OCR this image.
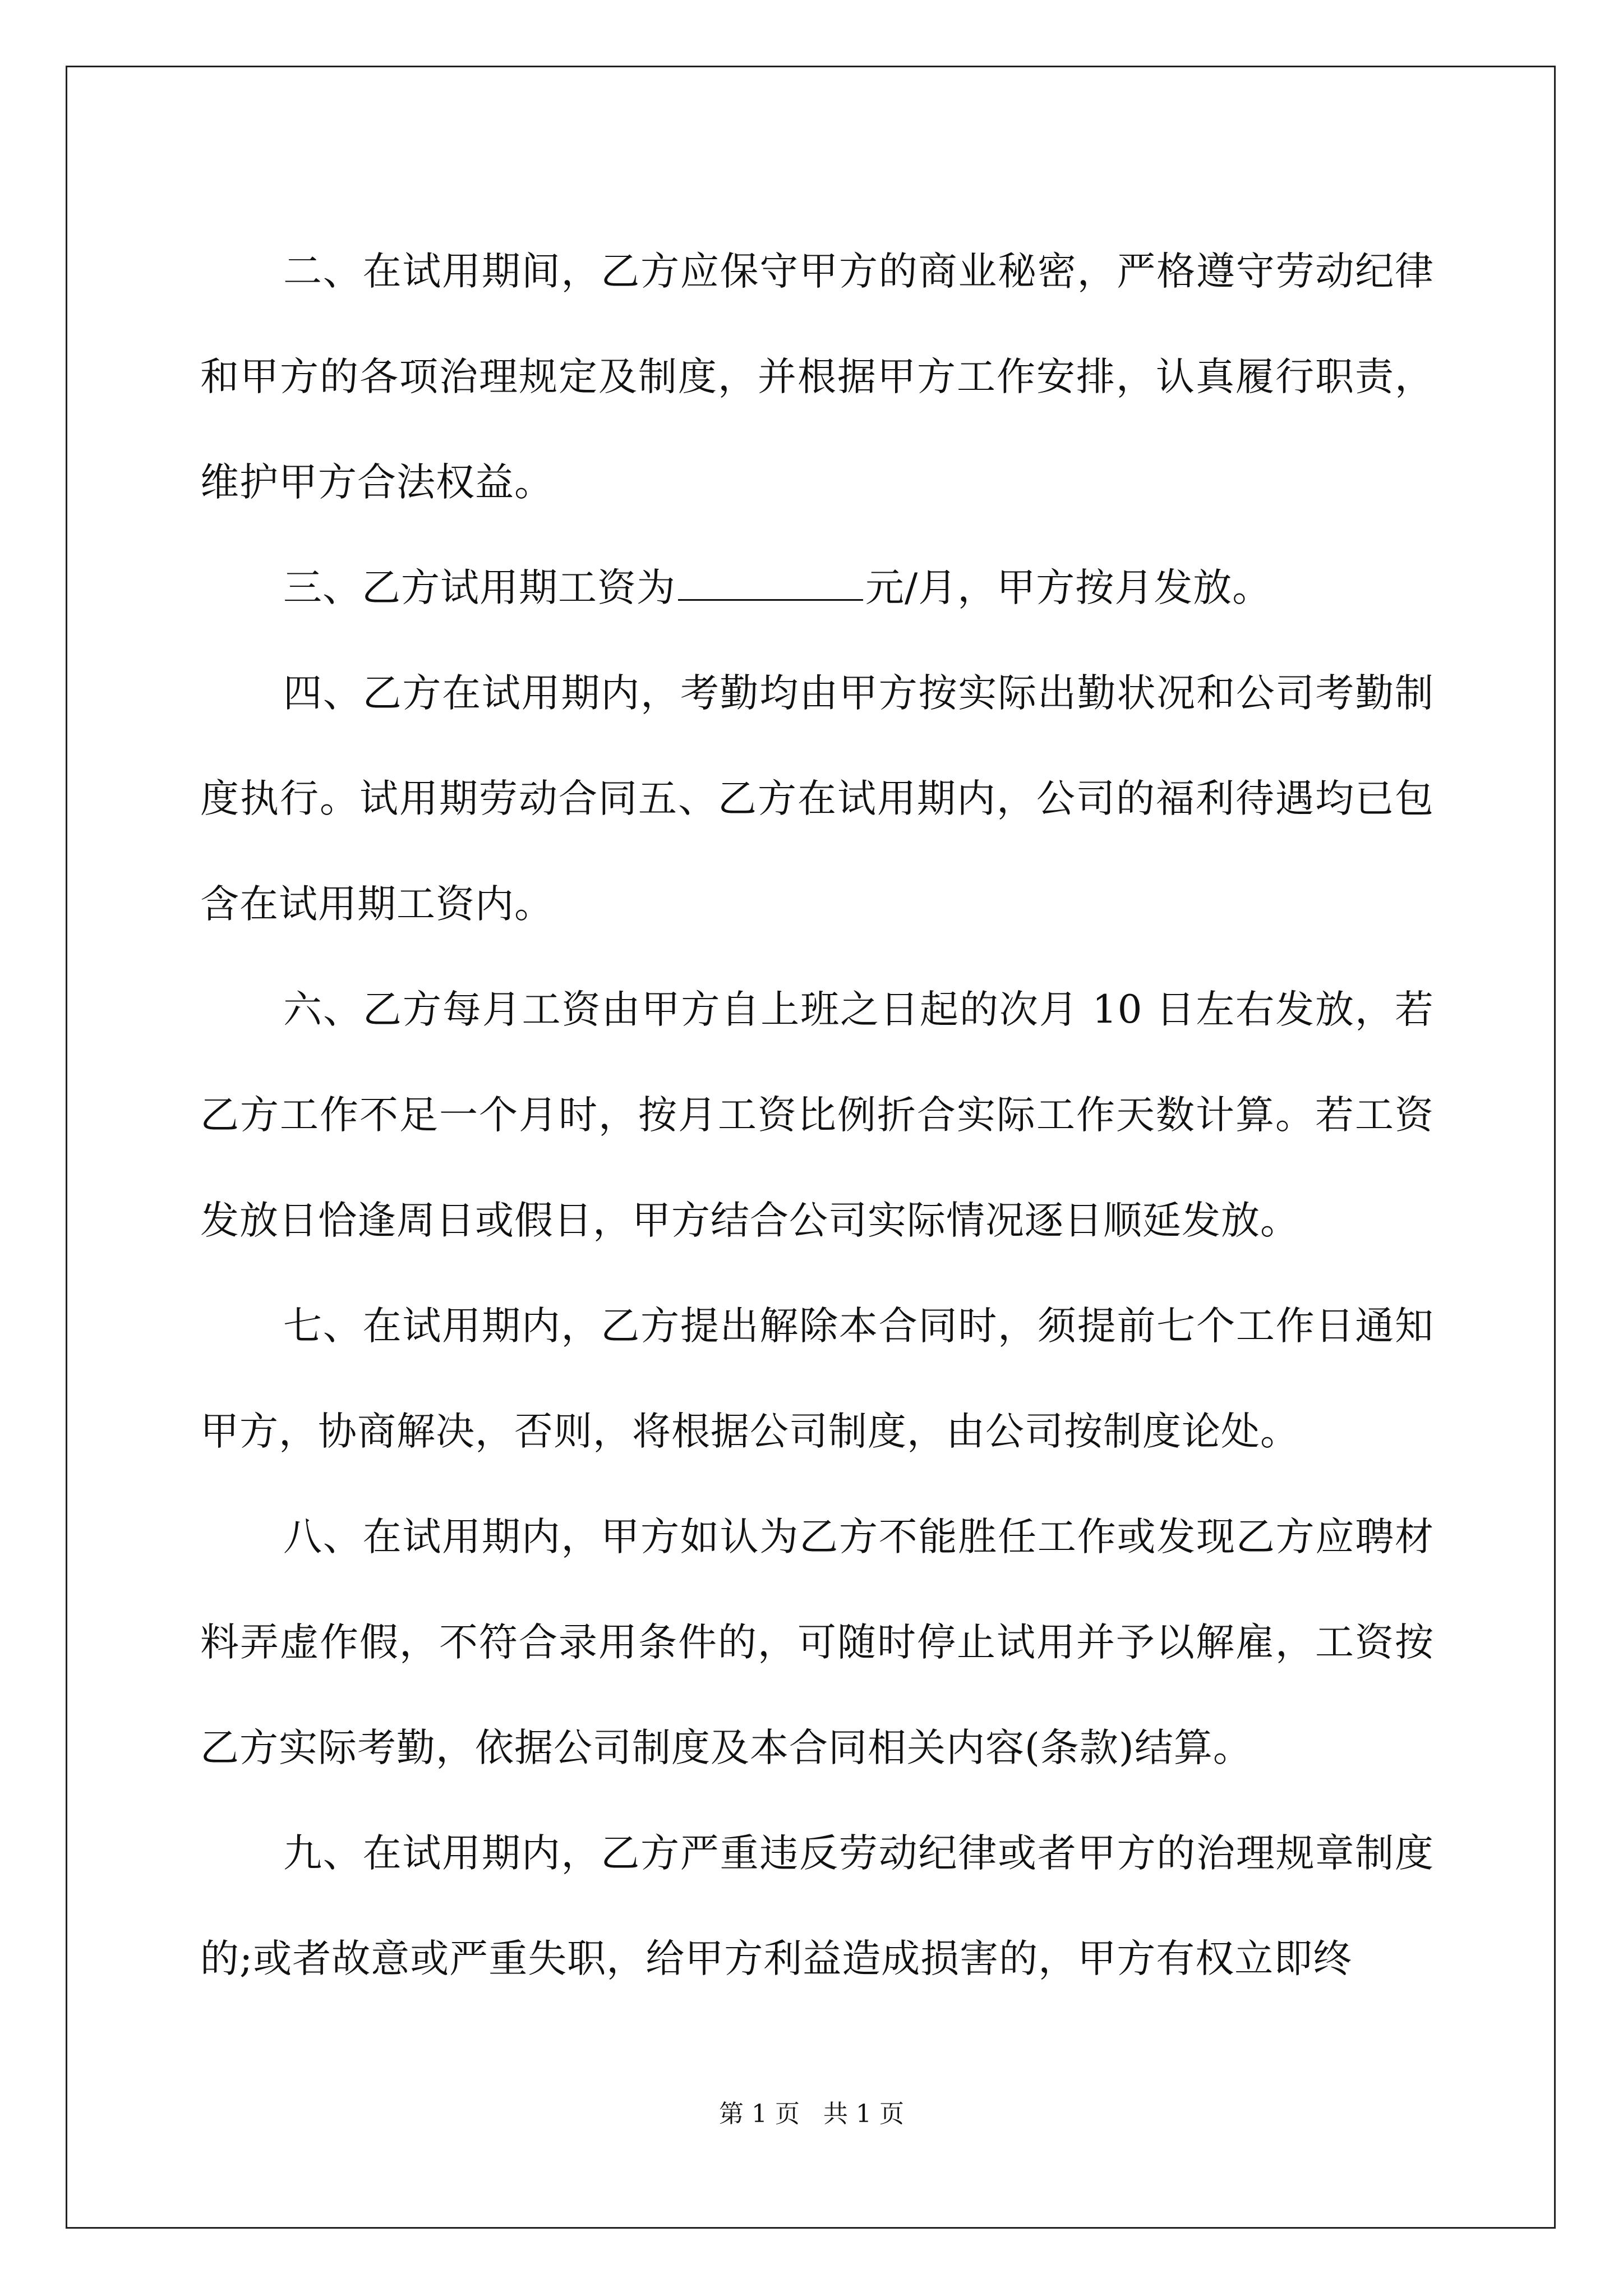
二、在试用期间，乙方应保守甲方的商业秘密，严格遵守劳动纪律和甲方的各项治理规定及制度，并根据甲方工作安排，认真履行职责，维护甲方合法权益。

三、乙方试用期工资为	元/月，甲方按月发放。

四、乙方在试用期内，考勤均由甲方按实际出勤状况和公司考勤制度执行。试用期劳动合同五、乙方在试用期内，公司的福利待遇均已包含在试用期工资内。

六、乙方每月工资由甲方自上班之日起的次月 10 日左右发放，若乙方工作不足一个月时，按月工资比例折合实际工作天数计算。若工资发放日恰逢周日或假日，甲方结合公司实际情况逐日顺延发放。

七、在试用期内，乙方提出解除本合同时，须提前七个工作日通知甲方，协商解决，否则，将根据公司制度，由公司按制度论处。

八、在试用期内，甲方如认为乙方不能胜任工作或发现乙方应聘材料弄虚作假，不符合录用条件的，可随时停止试用并予以解雇，工资按乙方实际考勤，依据公司制度及本合同相关内容(条款)结算。

九、在试用期内，乙方严重违反劳动纪律或者甲方的治理规章制度的;或者故意或严重失职，给甲方利益造成损害的，甲方有权立即终

第 1 页 共 1 页
